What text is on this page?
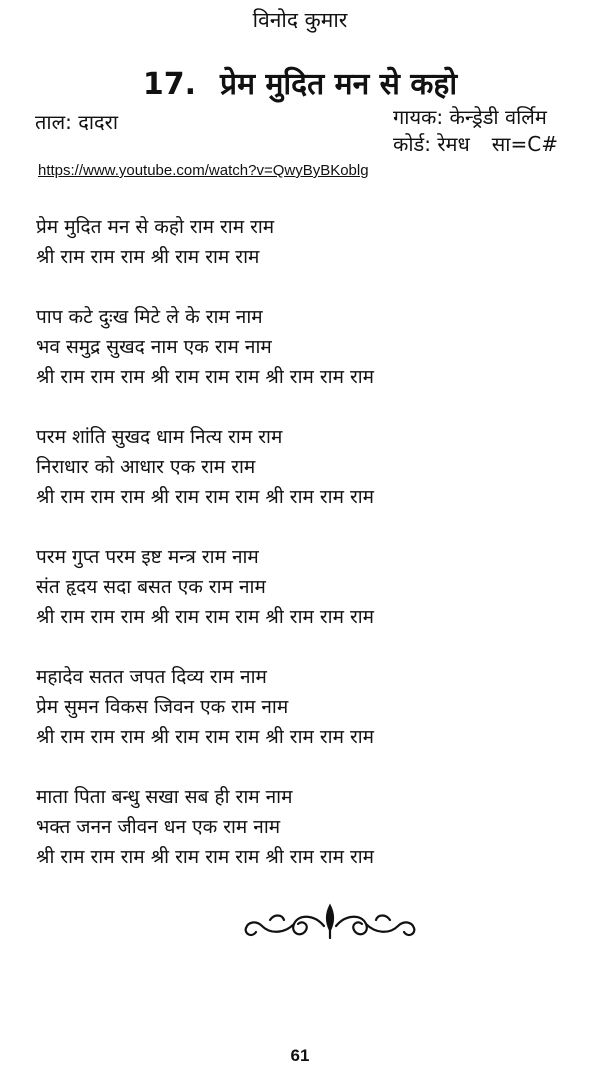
विनोद कुमार
17. प्रेम मुदित मन से कहो
ताल: दादरा	गायक: केन्ड्रेडी वर्लिम
कोर्ड: रेमध सा=C#
https://www.youtube.com/watch?v=QwyByBKoblg
प्रेम मुदित मन से कहो राम राम राम
श्री राम राम राम श्री राम राम राम
पाप कटे दुःख मिटे ले के राम नाम
भव समुद्र सुखद नाम एक राम नाम
श्री राम राम राम श्री राम राम राम श्री राम राम राम
परम शांति सुखद धाम नित्य राम राम
निराधार को आधार एक राम राम
श्री राम राम राम श्री राम राम राम श्री राम राम राम
परम गुप्त परम इष्ट मन्त्र राम नाम
संत हृदय सदा बसत एक राम नाम
श्री राम राम राम श्री राम राम राम श्री राम राम राम
महादेव सतत जपत दिव्य राम नाम
प्रेम सुमन विकस जिवन एक राम नाम
श्री राम राम राम श्री राम राम राम श्री राम राम राम
माता पिता बन्धु सखा सब ही राम नाम
भक्त जनन जीवन धन एक राम नाम
श्री राम राम राम श्री राम राम राम श्री राम राम राम
61
